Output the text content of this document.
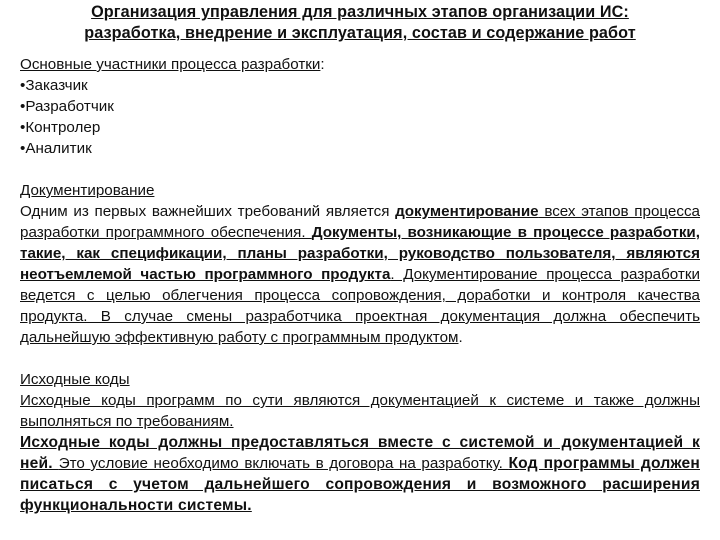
Организация управления для различных этапов организации ИС:
разработка, внедрение и эксплуатация, состав и содержание работ
Основные участники процесса разработки:
• Заказчик
• Разработчик
• Контролер
• Аналитик
Документирование

Одним из первых важнейших требований является документирование всех этапов процесса разработки программного обеспечения. Документы, возникающие в процессе разработки, такие, как спецификации, планы разработки, руководство пользователя, являются неотъемлемой частью программного продукта. Документирование процесса разработки ведется с целью облегчения процесса сопровождения, доработки и контроля качества продукта. В случае смены разработчика проектная документация должна обеспечить дальнейшую эффективную работу с программным продуктом.

Исходные коды

Исходные коды программ по сути являются документацией к системе и также должны выполняться по требованиям.

Исходные коды должны предоставляться вместе с системой и документацией к ней. Это условие необходимо включать в договора на разработку. Код программы должен писаться с учетом дальнейшего сопровождения и возможного расширения функциональности системы.
